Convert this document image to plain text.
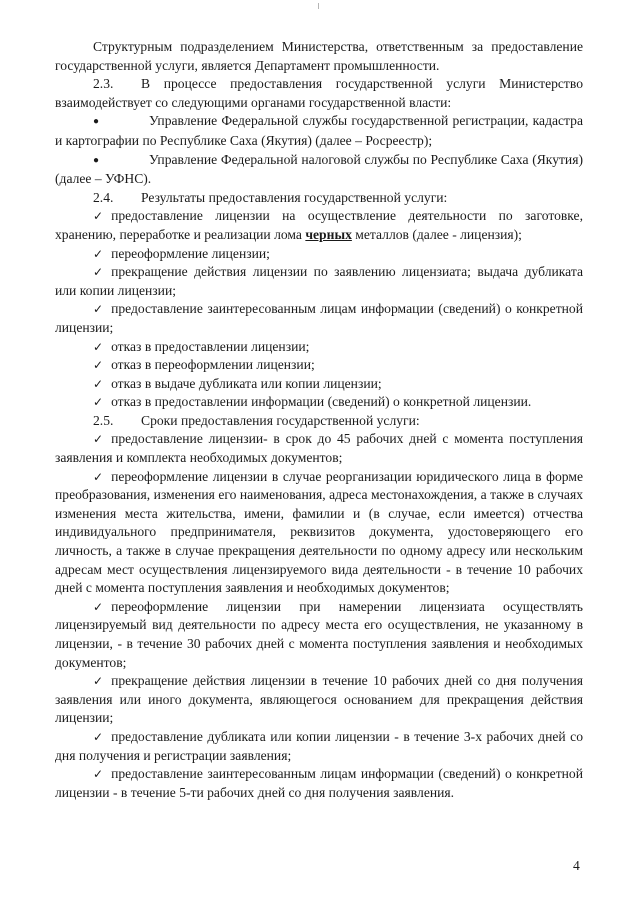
Структурным подразделением Министерства, ответственным за предоставление государственной услуги, является Департамент промышленности.

2.3. В процессе предоставления государственной услуги Министерство взаимодействует со следующими органами государственной власти:

●	Управление Федеральной службы государственной регистрации, кадастра и картографии по Республике Саха (Якутия) (далее – Росреестр);

●	Управление Федеральной налоговой службы по Республике Саха (Якутия) (далее – УФНС).

2.4. Результаты предоставления государственной услуги:

✓ предоставление лицензии на осуществление деятельности по заготовке, хранению, переработке и реализации лома черных металлов (далее - лицензия);

✓ переоформление лицензии;

✓ прекращение действия лицензии по заявлению лицензиата; выдача дубликата или копии лицензии;

✓ предоставление заинтересованным лицам информации (сведений) о конкретной лицензии;

✓ отказ в предоставлении лицензии;

✓ отказ в переоформлении лицензии;

✓ отказ в выдаче дубликата или копии лицензии;

✓ отказ в предоставлении информации (сведений) о конкретной лицензии.

2.5. Сроки предоставления государственной услуги:

✓ предоставление лицензии- в срок до 45 рабочих дней с момента поступления заявления и комплекта необходимых документов;

✓ переоформление лицензии в случае реорганизации юридического лица в форме преобразования, изменения его наименования, адреса местонахождения, а также в случаях изменения места жительства, имени, фамилии и (в случае, если имеется) отчества индивидуального предпринимателя, реквизитов документа, удостоверяющего его личность, а также в случае прекращения деятельности по одному адресу или нескольким адресам мест осуществления лицензируемого вида деятельности - в течение 10 рабочих дней с момента поступления заявления и необходимых документов;

✓ переоформление лицензии при намерении лицензиата осуществлять лицензируемый вид деятельности по адресу места его осуществления, не указанному в лицензии, - в течение 30 рабочих дней с момента поступления заявления и необходимых документов;

✓ прекращение действия лицензии в течение 10 рабочих дней со дня получения заявления или иного документа, являющегося основанием для прекращения действия лицензии;

✓ предоставление дубликата или копии лицензии - в течение 3-х рабочих дней со дня получения и регистрации заявления;

✓ предоставление заинтересованным лицам информации (сведений) о конкретной лицензии - в течение 5-ти рабочих дней со дня получения заявления.

4
